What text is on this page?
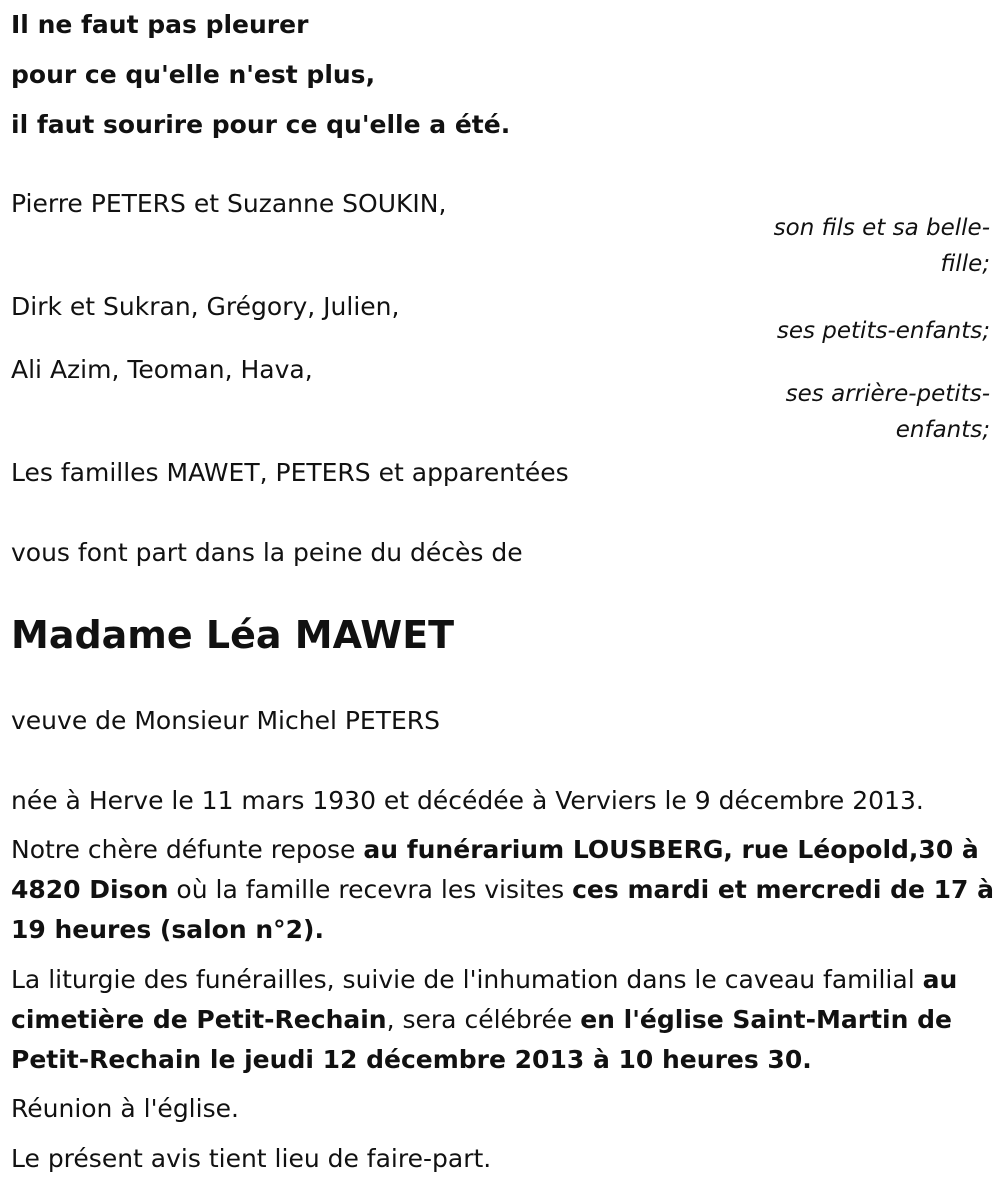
Il ne faut pas pleurer

pour ce qu'elle n'est plus,

il faut sourire pour ce qu'elle a été.

Pierre PETERS et Suzanne SOUKIN,

son fils et sa belle-fille;

Dirk et Sukran, Grégory, Julien,

ses petits-enfants;

Ali Azim, Teoman, Hava,

ses arrière-petits-enfants;

Les familles MAWET, PETERS et apparentées

vous font part dans la peine du décès de

Madame Léa MAWET

veuve de Monsieur Michel PETERS

née à Herve le 11 mars 1930 et décédée à Verviers le 9 décembre 2013.

Notre chère défunte repose au funérarium LOUSBERG, rue Léopold,30 à 4820 Dison où la famille recevra les visites ces mardi et mercredi de 17 à 19 heures (salon n°2).

La liturgie des funérailles, suivie de l'inhumation dans le caveau familial au cimetière de Petit-Rechain, sera célébrée en l'église Saint-Martin de Petit-Rechain le jeudi 12 décembre 2013 à 10 heures 30.

Réunion à l'église.

Le présent avis tient lieu de faire-part.
